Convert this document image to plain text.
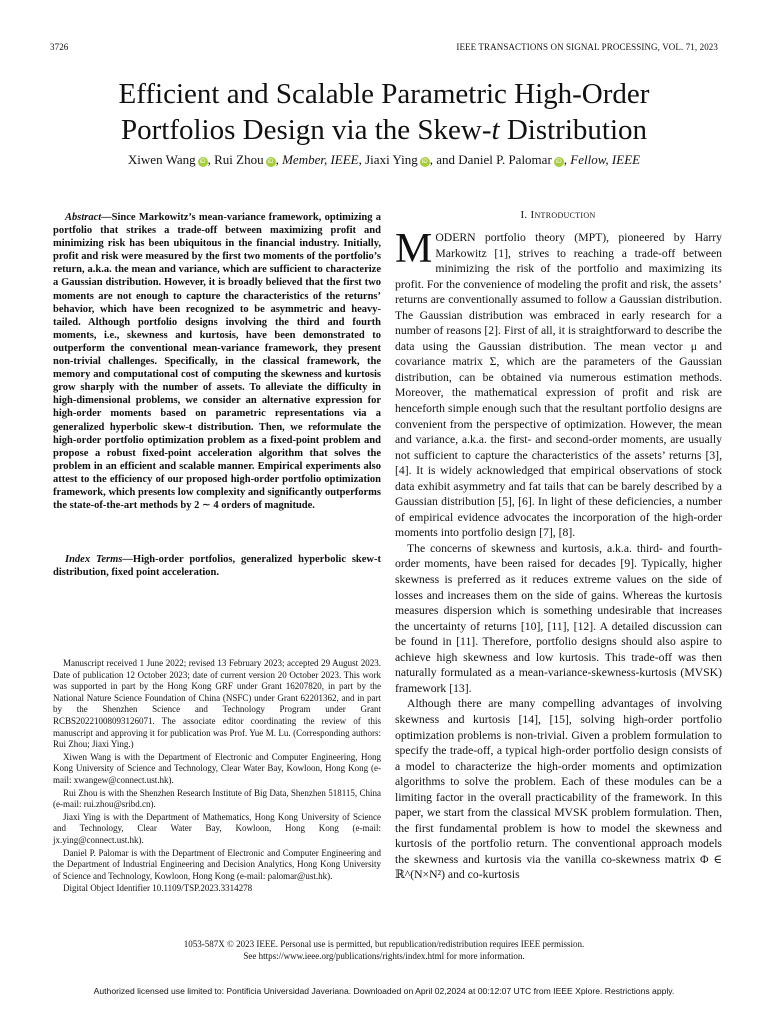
3726	IEEE TRANSACTIONS ON SIGNAL PROCESSING, VOL. 71, 2023
Efficient and Scalable Parametric High-Order
Portfolios Design via the Skew-t Distribution
Xiwen Wang iD , Rui Zhou iD , Member, IEEE, Jiaxi Ying iD , and Daniel P. Palomar iD , Fellow, IEEE
Abstract—Since Markowitz’s mean-variance framework, optimizing a portfolio that strikes a trade-off between maximizing profit and minimizing risk has been ubiquitous in the financial industry. Initially, profit and risk were measured by the first two moments of the portfolio’s return, a.k.a. the mean and variance, which are sufficient to characterize a Gaussian distribution. However, it is broadly believed that the first two moments are not enough to capture the characteristics of the returns’ behavior, which have been recognized to be asymmetric and heavy-tailed. Although portfolio designs involving the third and fourth moments, i.e., skewness and kurtosis, have been demonstrated to outperform the conventional mean-variance framework, they present non-trivial challenges. Specifically, in the classical framework, the memory and computational cost of computing the skewness and kurtosis grow sharply with the number of assets. To alleviate the difficulty in high-dimensional problems, we consider an alternative expression for high-order moments based on parametric representations via a generalized hyperbolic skew-t distribution. Then, we reformulate the high-order portfolio optimization problem as a fixed-point problem and propose a robust fixed-point acceleration algorithm that solves the problem in an efficient and scalable manner. Empirical experiments also attest to the efficiency of our proposed high-order portfolio optimization framework, which presents low complexity and significantly outperforms the state-of-the-art methods by 2 ∼ 4 orders of magnitude.
Index Terms—High-order portfolios, generalized hyperbolic skew-t distribution, fixed point acceleration.

Manuscript received 1 June 2022; revised 13 February 2023; accepted 29 August 2023. Date of publication 12 October 2023; date of current version 20 October 2023. This work was supported in part by the Hong Kong GRF under Grant 16207820, in part by the National Nature Science Foundation of China (NSFC) under Grant 62201362, and in part by the Shenzhen Science and Technology Program under Grant RCBS20221008093126071. The associate editor coordinating the review of this manuscript and approving it for publication was Prof. Yue M. Lu. (Corresponding authors: Rui Zhou; Jiaxi Ying.)

Xiwen Wang is with the Department of Electronic and Computer Engineering, Hong Kong University of Science and Technology, Clear Water Bay, Kowloon, Hong Kong (e-mail: xwangew@connect.ust.hk).

Rui Zhou is with the Shenzhen Research Institute of Big Data, Shenzhen 518115, China (e-mail: rui.zhou@sribd.cn).

Jiaxi Ying is with the Department of Mathematics, Hong Kong University of Science and Technology, Clear Water Bay, Kowloon, Hong Kong (e-mail: jx.ying@connect.ust.hk).

Daniel P. Palomar is with the Department of Electronic and Computer Engineering and the Department of Industrial Engineering and Decision Analytics, Hong Kong University of Science and Technology, Kowloon, Hong Kong (e-mail: palomar@ust.hk).

Digital Object Identifier 10.1109/TSP.2023.3314278

I. Introduction

MODERN portfolio theory (MPT), pioneered by Harry Markowitz [1], strives to reaching a trade-off between minimizing the risk of the portfolio and maximizing its profit. For the convenience of modeling the profit and risk, the assets’ returns are conventionally assumed to follow a Gaussian distribution. The Gaussian distribution was embraced in early research for a number of reasons [2]. First of all, it is straightforward to describe the data using the Gaussian distribution. The mean vector μ and covariance matrix Σ, which are the parameters of the Gaussian distribution, can be obtained via numerous estimation methods. Moreover, the mathematical expression of profit and risk are henceforth simple enough such that the resultant portfolio designs are convenient from the perspective of optimization. However, the mean and variance, a.k.a. the first- and second-order moments, are usually not sufficient to capture the characteristics of the assets’ returns [3], [4]. It is widely acknowledged that empirical observations of stock data exhibit asymmetry and fat tails that can be barely described by a Gaussian distribution [5], [6]. In light of these deficiencies, a number of empirical evidence advocates the incorporation of the high-order moments into portfolio design [7], [8].

The concerns of skewness and kurtosis, a.k.a. third- and fourth-order moments, have been raised for decades [9]. Typically, higher skewness is preferred as it reduces extreme values on the side of losses and increases them on the side of gains. Whereas the kurtosis measures dispersion which is something undesirable that increases the uncertainty of returns [10], [11], [12]. A detailed discussion can be found in [11]. Therefore, portfolio designs should also aspire to achieve high skewness and low kurtosis. This trade-off was then naturally formulated as a mean-variance-skewness-kurtosis (MVSK) framework [13].

Although there are many compelling advantages of involving skewness and kurtosis [14], [15], solving high-order portfolio optimization problems is non-trivial. Given a problem formulation to specify the trade-off, a typical high-order portfolio design consists of a model to characterize the high-order moments and optimization algorithms to solve the problem. Each of these modules can be a limiting factor in the overall practicability of the framework. In this paper, we start from the classical MVSK problem formulation. Then, the first fundamental problem is how to model the skewness and kurtosis of the portfolio return. The conventional approach models the skewness and kurtosis via the vanilla co-skewness matrix Φ ∈ ℝ^(N×N²) and co-kurtosis

1053-587X © 2023 IEEE. Personal use is permitted, but republication/redistribution requires IEEE permission.
See https://www.ieee.org/publications/rights/index.html for more information.
Authorized licensed use limited to: Pontificia Universidad Javeriana. Downloaded on April 02,2024 at 00:12:07 UTC from IEEE Xplore. Restrictions apply.
